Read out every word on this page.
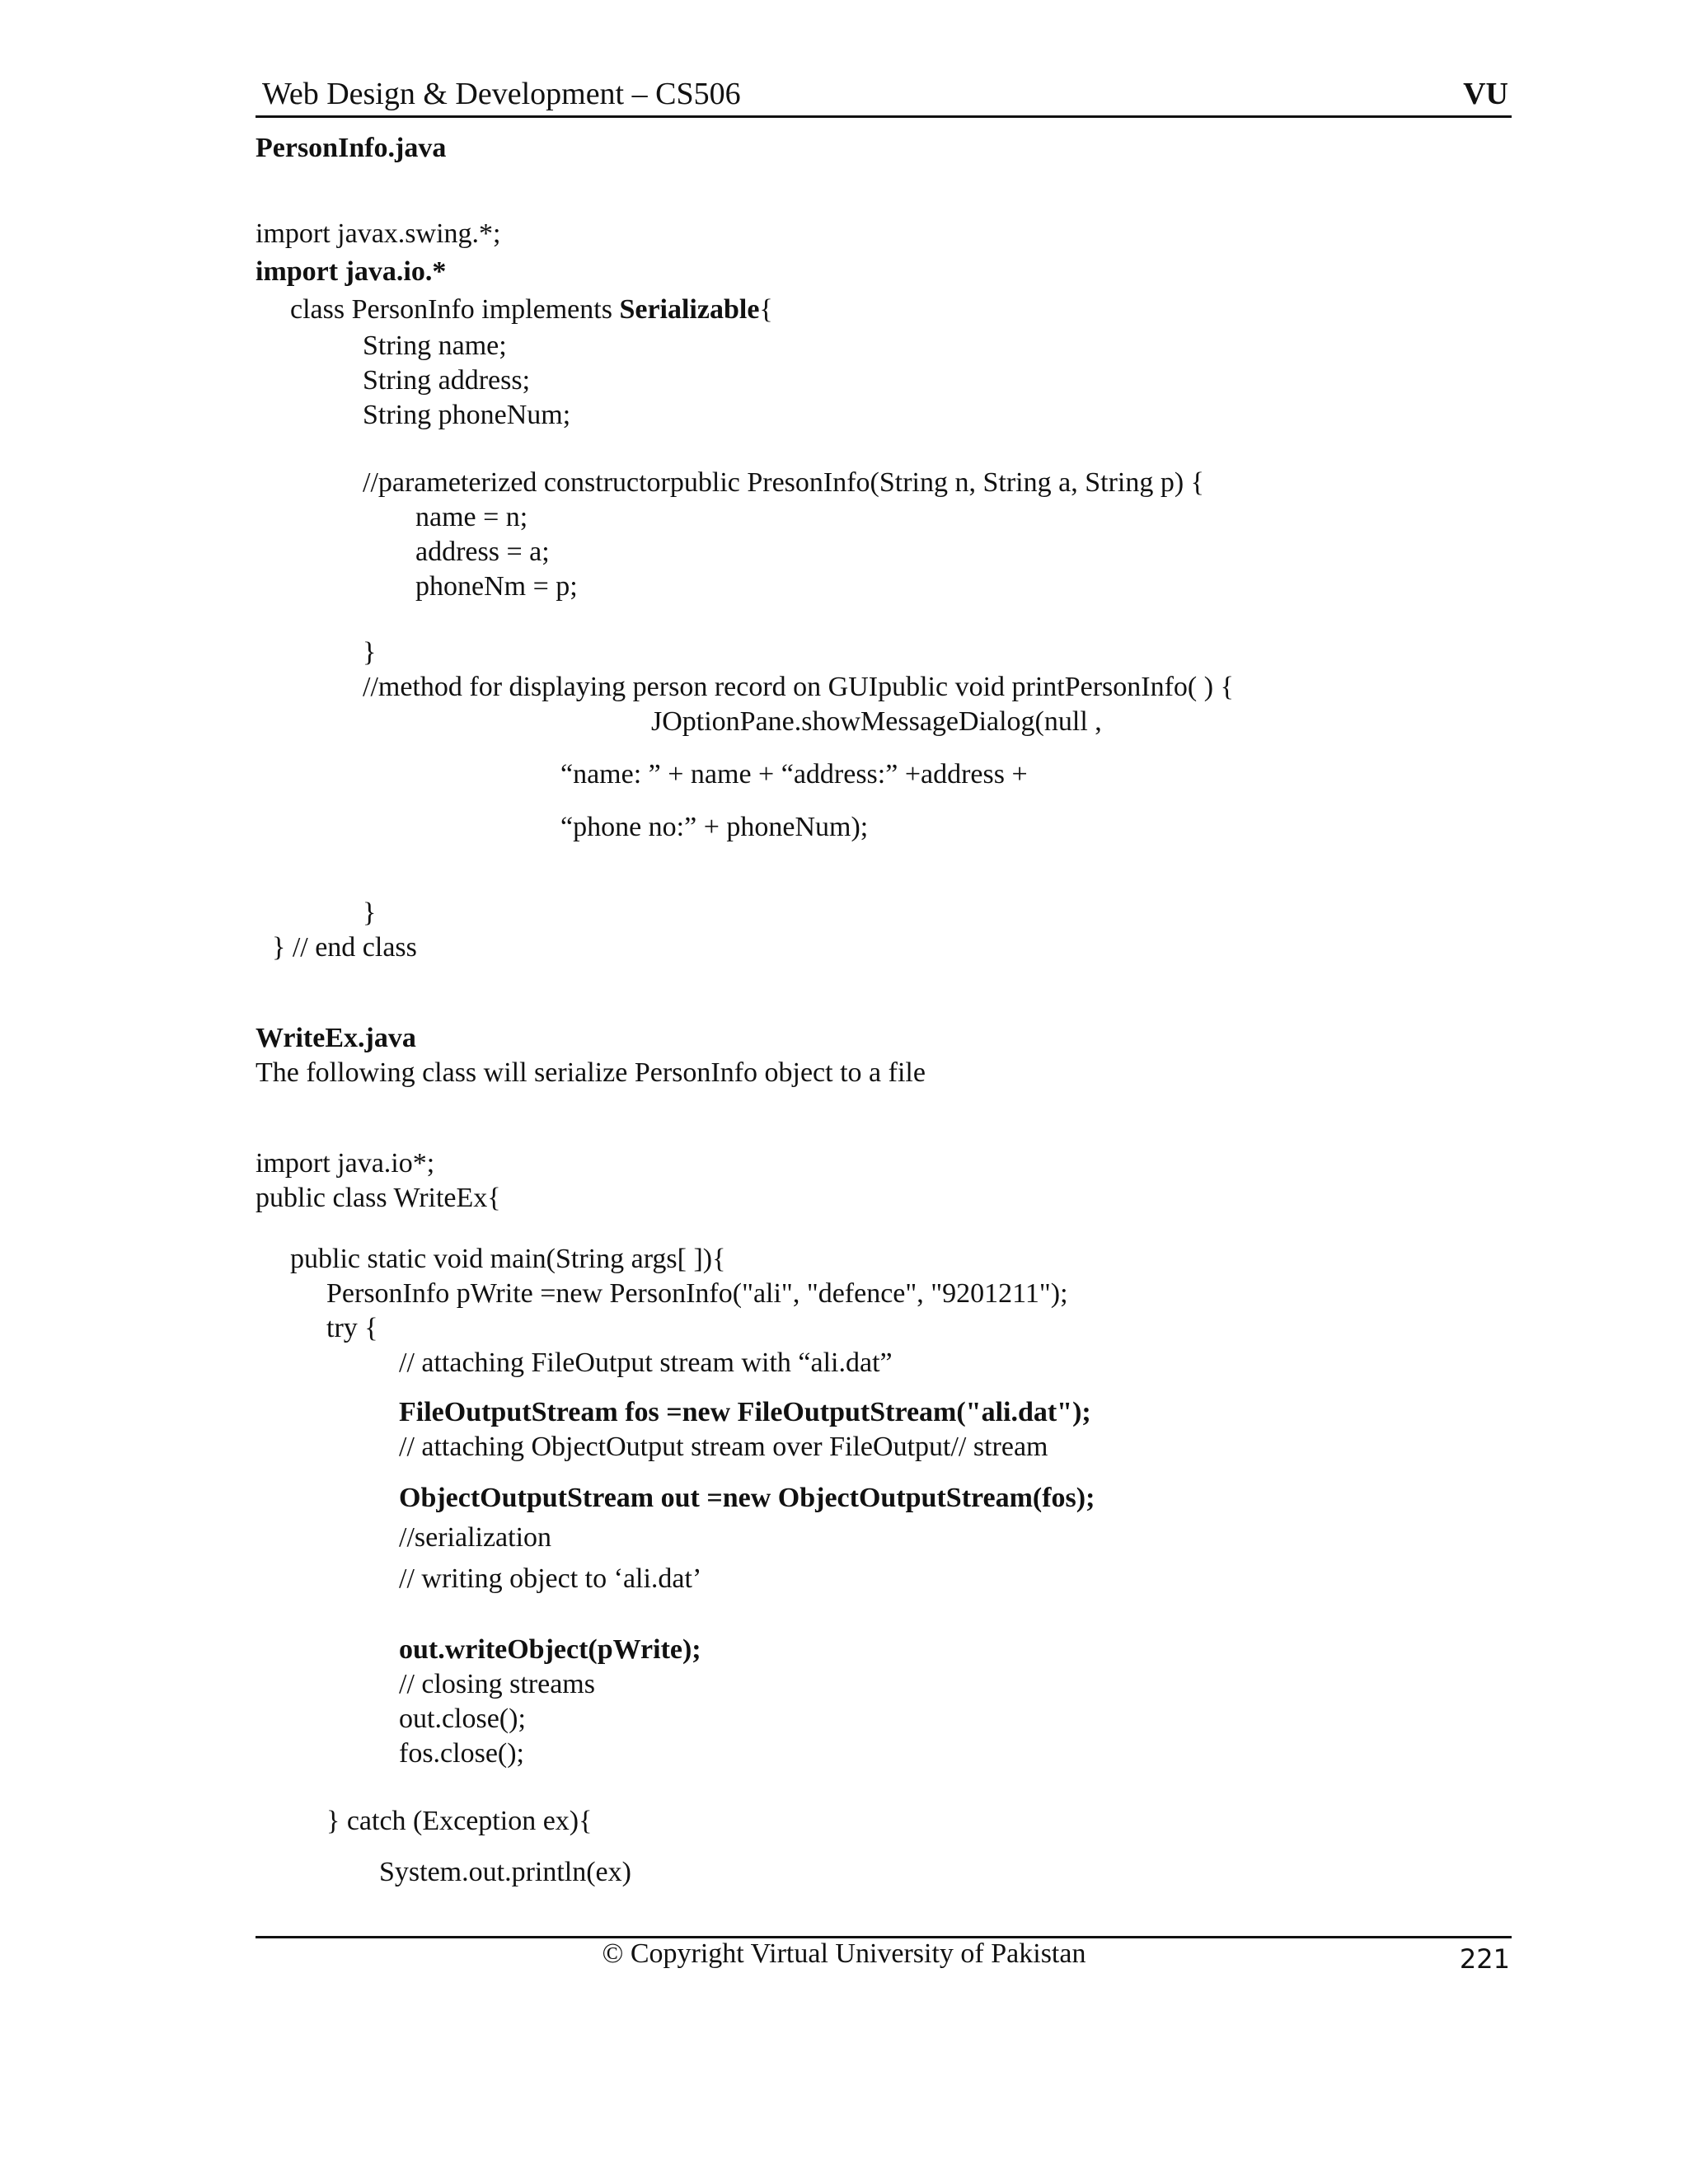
Web Design & Development – CS506	VU
PersonInfo.java
import javax.swing.*;
import java.io.*
class PersonInfo implements Serializable{
String name;
String address;
String phoneNum;
//parameterized constructorpublic PresonInfo(String n, String a, String p) {
name = n;
address = a;
phoneNm = p;
}
//method for displaying person record on GUIpublic void printPersonInfo( ) {
JOptionPane.showMessageDialog(null ,
“name: ” + name + “address:” +address +
“phone no:” + phoneNum);
}
} // end class
WriteEx.java
The following class will serialize PersonInfo object to a file
import java.io*;
public class WriteEx{
public static void main(String args[ ]){
PersonInfo pWrite =new PersonInfo("ali", "defence", "9201211");
try {
// attaching FileOutput stream with “ali.dat”
FileOutputStream fos =new FileOutputStream("ali.dat");
// attaching ObjectOutput stream over FileOutput// stream
ObjectOutputStream out =new ObjectOutputStream(fos);
//serialization
// writing object to ‘ali.dat’
out.writeObject(pWrite);
// closing streams
out.close();
fos.close();
} catch (Exception ex){
System.out.println(ex)
© Copyright Virtual University of Pakistan	221
